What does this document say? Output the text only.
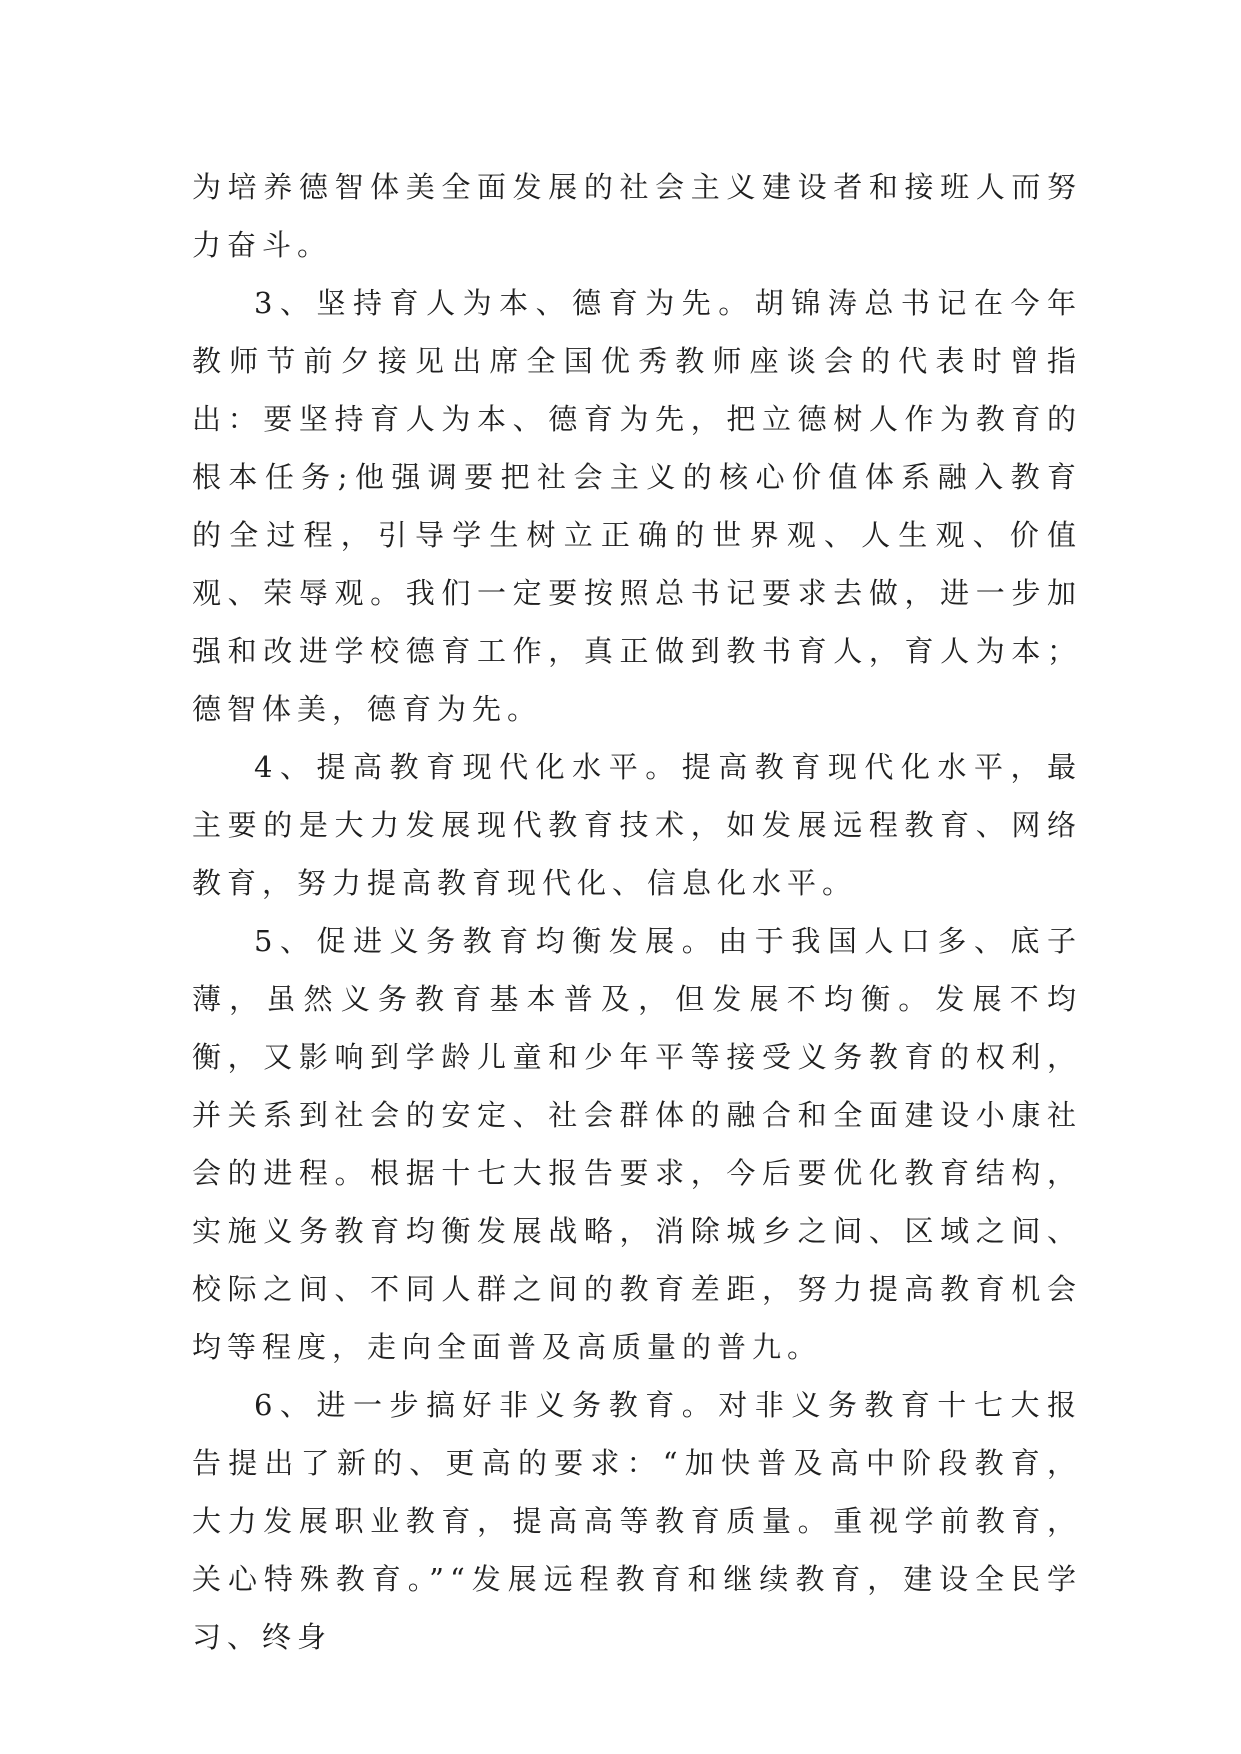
为培养德智体美全面发展的社会主义建设者和接班人而努力奋斗。

3、坚持育人为本、德育为先。胡锦涛总书记在今年教师节前夕接见出席全国优秀教师座谈会的代表时曾指出：要坚持育人为本、德育为先，把立德树人作为教育的根本任务;他强调要把社会主义的核心价值体系融入教育的全过程，引导学生树立正确的世界观、人生观、价值观、荣辱观。我们一定要按照总书记要求去做，进一步加强和改进学校德育工作，真正做到教书育人，育人为本；德智体美，德育为先。

4、提高教育现代化水平。提高教育现代化水平，最主要的是大力发展现代教育技术，如发展远程教育、网络教育，努力提高教育现代化、信息化水平。

5、促进义务教育均衡发展。由于我国人口多、底子薄，虽然义务教育基本普及，但发展不均衡。发展不均衡，又影响到学龄儿童和少年平等接受义务教育的权利，并关系到社会的安定、社会群体的融合和全面建设小康社会的进程。根据十七大报告要求，今后要优化教育结构，实施义务教育均衡发展战略，消除城乡之间、区域之间、校际之间、不同人群之间的教育差距，努力提高教育机会均等程度，走向全面普及高质量的普九。

6、进一步搞好非义务教育。对非义务教育十七大报告提出了新的、更高的要求：“加快普及高中阶段教育，大力发展职业教育，提高高等教育质量。重视学前教育，关心特殊教育。”“发展远程教育和继续教育，建设全民学习、终身
